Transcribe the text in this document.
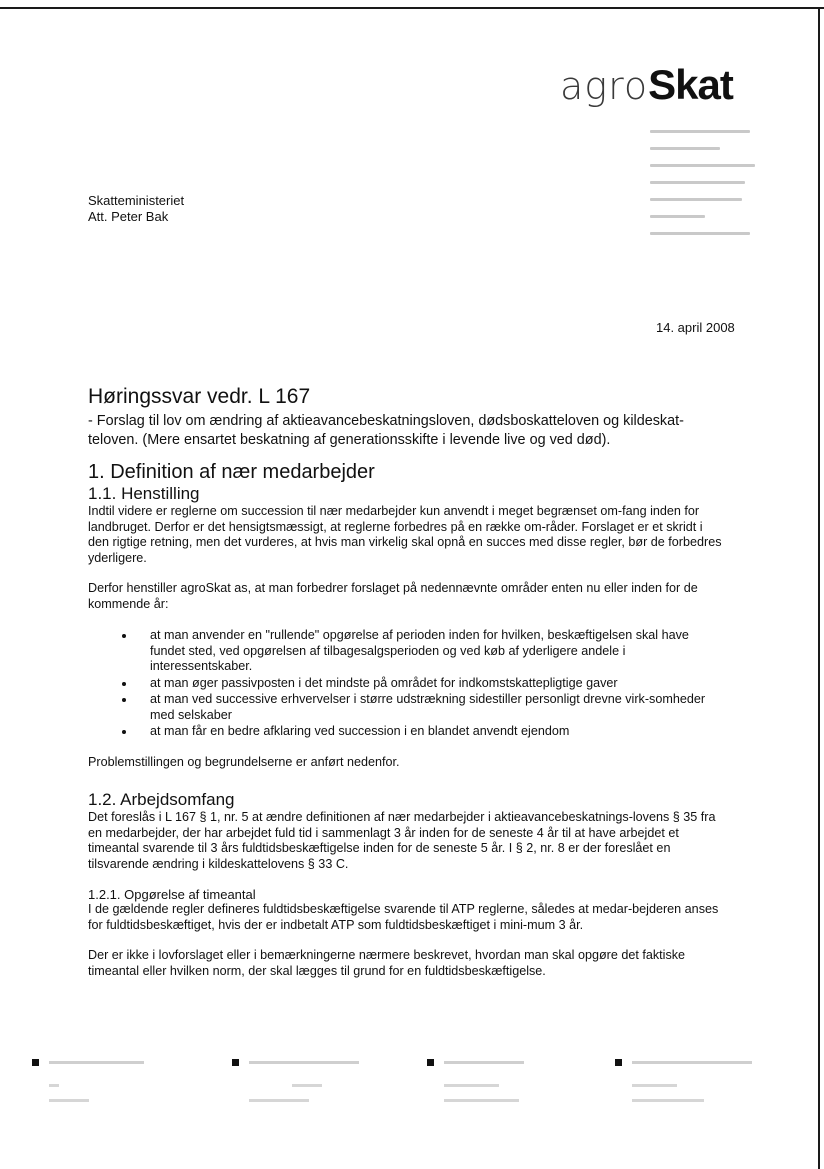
agroSkat
Skatteministeriet
Att. Peter Bak
14. april 2008
Høringssvar vedr. L 167
- Forslag til lov om ændring af aktieavancebeskatningsloven, dødsboskatteloven og kildeskat-teloven. (Mere ensartet beskatning af generationsskifte i levende live og ved død).
1. Definition af nær medarbejder
1.1. Henstilling

Indtil videre er reglerne om succession til nær medarbejder kun anvendt i meget begrænset om-fang inden for landbruget. Derfor er det hensigtsmæssigt, at reglerne forbedres på en række om-råder. Forslaget er et skridt i den rigtige retning, men det vurderes, at hvis man virkelig skal opnå en succes med disse regler, bør de forbedres yderligere.

Derfor henstiller agroSkat as, at man forbedrer forslaget på nedennævnte områder enten nu eller inden for de kommende år:

• at man anvender en "rullende" opgørelse af perioden inden for hvilken, beskæftigelsen skal have fundet sted, ved opgørelsen af tilbagesalgsperioden og ved køb af yderligere andele i interessentskaber.
• at man øger passivposten i det mindste på området for indkomstskattepligtige gaver
• at man ved successive erhvervelser i større udstrækning sidestiller personligt drevne virk-somheder med selskaber
• at man får en bedre afklaring ved succession i en blandet anvendt ejendom

Problemstillingen og begrundelserne er anført nedenfor.

1.2. Arbejdsomfang

Det foreslås i L 167 § 1, nr. 5 at ændre definitionen af nær medarbejder i aktieavancebeskatnings-lovens § 35 fra en medarbejder, der har arbejdet fuld tid i sammenlagt 3 år inden for de seneste 4 år til at have arbejdet et timeantal svarende til 3 års fuldtidsbeskæftigelse inden for de seneste 5 år. I § 2, nr. 8 er der foreslået en tilsvarende ændring i kildeskattelovens § 33 C.

1.2.1. Opgørelse af timeantal

I de gældende regler defineres fuldtidsbeskæftigelse svarende til ATP reglerne, således at medar-bejderen anses for fuldtidsbeskæftiget, hvis der er indbetalt ATP som fuldtidsbeskæftiget i mini-mum 3 år.

Der er ikke i lovforslaget eller i bemærkningerne nærmere beskrevet, hvordan man skal opgøre det faktiske timeantal eller hvilken norm, der skal lægges til grund for en fuldtidsbeskæftigelse.
